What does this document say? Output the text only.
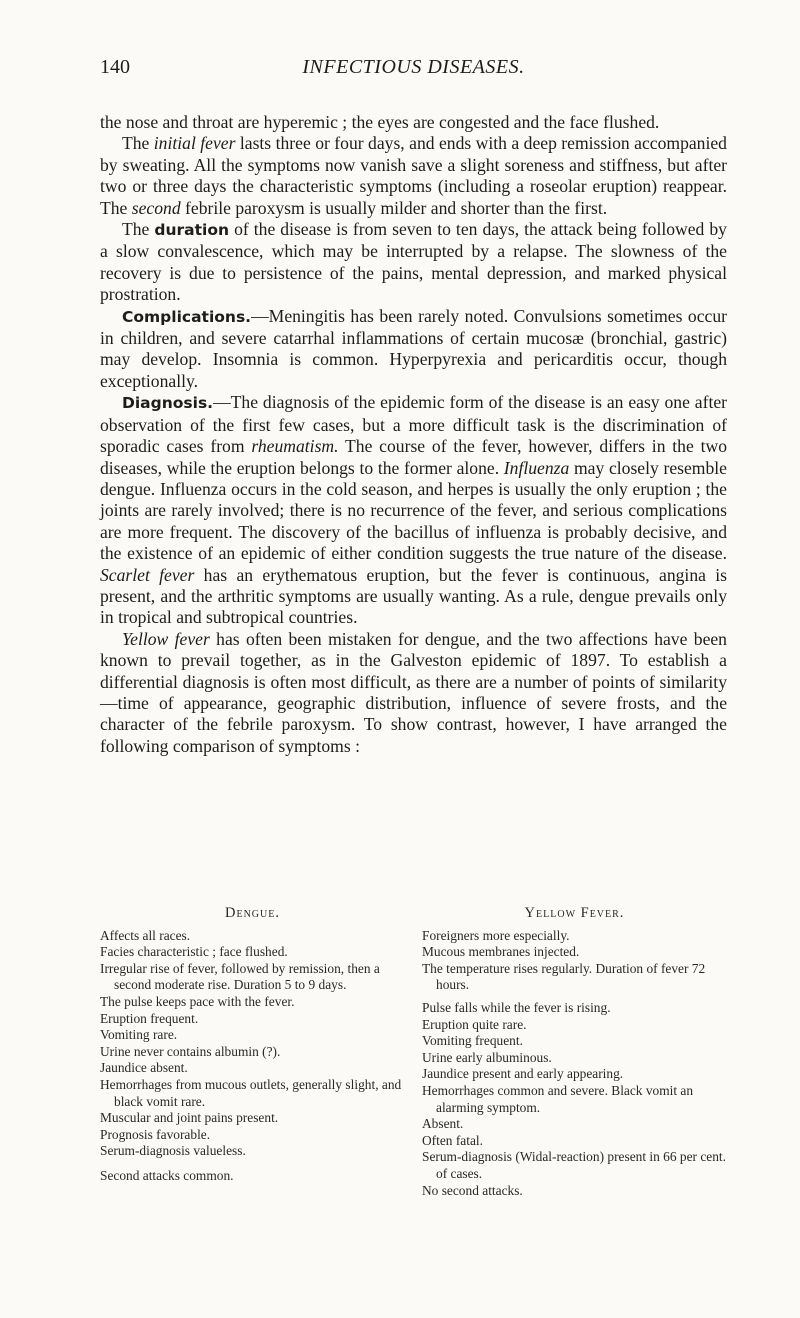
140	INFECTIOUS DISEASES.

the nose and throat are hyperemic ; the eyes are congested and the face flushed.

The initial fever lasts three or four days, and ends with a deep remission accompanied by sweating. All the symptoms now vanish save a slight soreness and stiffness, but after two or three days the characteristic symptoms (including a roseolar eruption) reappear. The second febrile paroxysm is usually milder and shorter than the first.

The duration of the disease is from seven to ten days, the attack being followed by a slow convalescence, which may be interrupted by a relapse. The slowness of the recovery is due to persistence of the pains, mental depression, and marked physical prostration.

Complications.—Meningitis has been rarely noted. Convulsions sometimes occur in children, and severe catarrhal inflammations of certain mucosæ (bronchial, gastric) may develop. Insomnia is common. Hyperpyrexia and pericarditis occur, though exceptionally.

Diagnosis.—The diagnosis of the epidemic form of the disease is an easy one after observation of the first few cases, but a more difficult task is the discrimination of sporadic cases from rheumatism. The course of the fever, however, differs in the two diseases, while the eruption belongs to the former alone. Influenza may closely resemble dengue. Influenza occurs in the cold season, and herpes is usually the only eruption ; the joints are rarely involved; there is no recurrence of the fever, and serious complications are more frequent. The discovery of the bacillus of influenza is probably decisive, and the existence of an epidemic of either condition suggests the true nature of the disease. Scarlet fever has an erythematous eruption, but the fever is continuous, angina is present, and the arthritic symptoms are usually wanting. As a rule, dengue prevails only in tropical and subtropical countries.

Yellow fever has often been mistaken for dengue, and the two affections have been known to prevail together, as in the Galveston epidemic of 1897. To establish a differential diagnosis is often most difficult, as there are a number of points of similarity—time of appearance, geographic distribution, influence of severe frosts, and the character of the febrile paroxysm. To show contrast, however, I have arranged the following comparison of symptoms :

Dengue.

Affects all races.

Facies characteristic ; face flushed.

Irregular rise of fever, followed by remission, then a second moderate rise. Duration 5 to 9 days.

The pulse keeps pace with the fever.

Eruption frequent.

Vomiting rare.

Urine never contains albumin (?).

Jaundice absent.

Hemorrhages from mucous outlets, generally slight, and black vomit rare.

Muscular and joint pains present.

Prognosis favorable.

Serum-diagnosis valueless.

Second attacks common.

Yellow Fever.

Foreigners more especially.

Mucous membranes injected.

The temperature rises regularly. Duration of fever 72 hours.

Pulse falls while the fever is rising.

Eruption quite rare.

Vomiting frequent.

Urine early albuminous.

Jaundice present and early appearing.

Hemorrhages common and severe. Black vomit an alarming symptom.

Absent.

Often fatal.

Serum-diagnosis (Widal-reaction) present in 66 per cent. of cases.

No second attacks.
